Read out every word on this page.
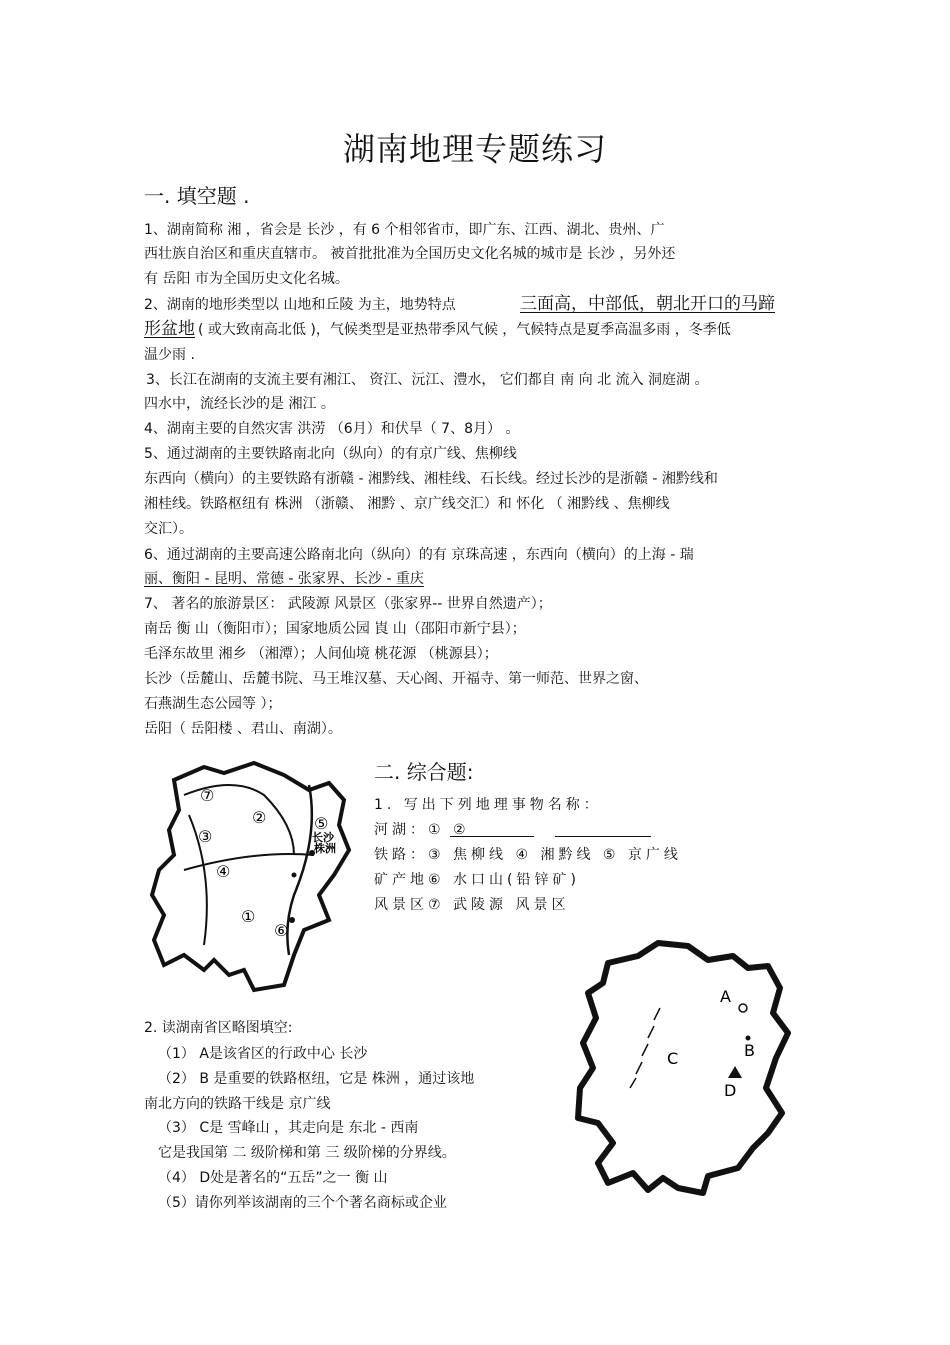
湖南地理专题练习
一. 填空题 .
1、湖南简称 湘 ，省会是 长沙 ，有 6 个相邻省市，即广东、江西、湖北、贵州、广
西壮族自治区和重庆直辖市。 被首批批准为全国历史文化名城的城市是 长沙 ，另外还
有 岳阳 市为全国历史文化名城。
2、湖南的地形类型以 山地和丘陵 为主，地势特点	三面高，中部低，朝北开口的马蹄
形盆地 ( 或大致南高北低 )，气候类型是亚热带季风气候 ，气候特点是夏季高温多雨 ，冬季低
温少雨 .
3、长江在湖南的支流主要有湘江、 资江、沅江、澧水， 它们都自 南 向 北 流入 洞庭湖 。
四水中，流经长沙的是 湘江 。
4、湖南主要的自然灾害 洪涝 （6月）和伏旱（ 7、8月） 。
5、通过湖南的主要铁路南北向（纵向）的有京广线、焦柳线
东西向（横向）的主要铁路有浙赣 - 湘黔线、湘桂线、石长线。经过长沙的是浙赣 - 湘黔线和
湘桂线。铁路枢纽有 株洲 （浙赣、 湘黔 、京广线交汇）和 怀化 （ 湘黔线 、焦柳线
交汇）。
6、通过湖南的主要高速公路南北向（纵向）的有 京珠高速 ，东西向（横向）的上海 - 瑞
丽、衡阳 - 昆明、常德 - 张家界、长沙 - 重庆
7、 著名的旅游景区： 武陵源 风景区（张家界-- 世界自然遗产）；
南岳 衡 山（衡阳市）；国家地质公园 崀 山（邵阳市新宁县）；
毛泽东故里 湘乡 （湘潭）；人间仙境 桃花源 （桃源县）；
长沙（岳麓山、岳麓书院、马王堆汉墓、天心阁、开福寺、第一师范、世界之窗、
石燕湖生态公园等 ）；
岳阳（ 岳阳楼 、君山、南湖）。
⑦
②
③
⑤
长沙
株洲
④
①
⑥
二. 综合题:
1. 写出下列地理事物名称：
河湖：① ②
铁路：③ 焦柳线 ④ 湘黔线 ⑤ 京广线
矿产地⑥ 水口山(铅锌矿)
风景区⑦ 武陵源 风景区
A
B
C
D
2. 读湖南省区略图填空:
（1） A是该省区的行政中心 长沙
（2） B 是重要的铁路枢纽，它是 株洲 ，通过该地
南北方向的铁路干线是 京广线
（3） C是 雪峰山 ，其走向是 东北 - 西南
它是我国第 二 级阶梯和第 三 级阶梯的分界线。
（4） D处是著名的“五岳”之一 衡 山
（5）请你列举该湖南的三个个著名商标或企业
